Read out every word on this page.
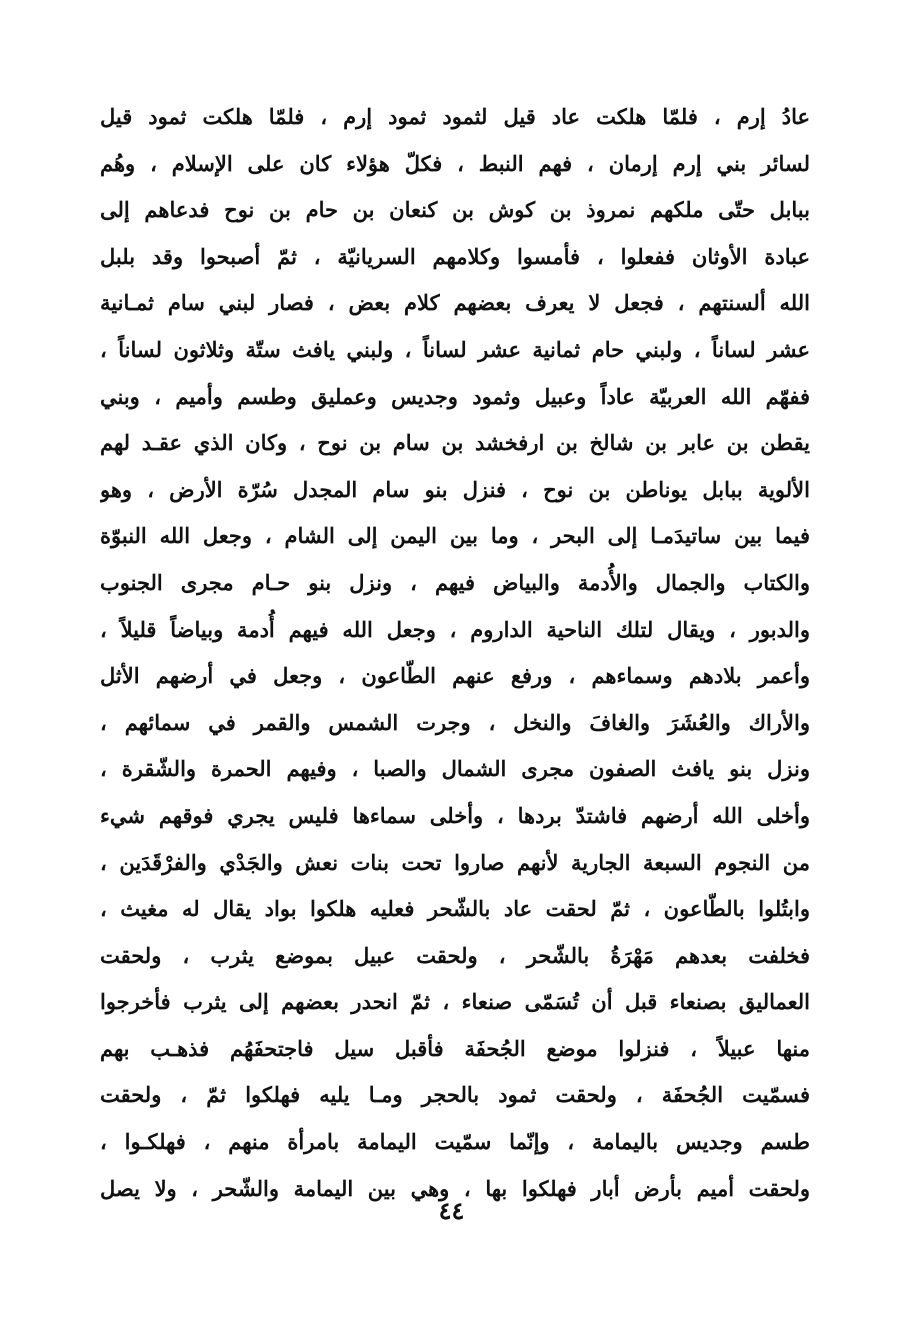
عادُ إرم ، فلمّا هلكت عاد قيل لثمود ثمود إرم ، فلمّا هلكت ثمود قيل
لسائر بني إرم إرمان ، فهم النبط ، فكلّ هؤلاء كان على الإسلام ، وهُم
ببابل حتّى ملكهم نمروذ بن كوش بن كنعان بن حام بن نوح فدعاهم إلى
عبادة الأوثان ففعلوا ، فأمسوا وكلامهم السريانيّة ، ثمّ أصبحوا وقد بلبل
الله ألسنتهم ، فجعل لا يعرف بعضهم كلام بعض ، فصار لبني سام ثمـانية
عشر لساناً ، ولبني حام ثمانية عشر لساناً ، ولبني يافث ستّة وثلاثون لساناً ،
ففهّم الله العربيّة عاداً وعبيل وثمود وجديس وعمليق وطسم وأميم ، وبني
يقطن بن عابر بن شالخ بن ارفخشد بن سام بن نوح ، وكان الذي عقـد لهم
الألوية ببابل يوناطن بن نوح ، فنزل بنو سام المجدل سُرّة الأرض ، وهو
فيما بين ساتيدَمـا إلى البحر ، وما بين اليمن إلى الشام ، وجعل الله النبوّة
والكتاب والجمال والأُدمة والبياض فيهم ، ونزل بنو حـام مجرى الجنوب
والدبور ، ويقال لتلك الناحية الداروم ، وجعل الله فيهم أُدمة وبياضاً قليلاً ،
وأعمر بلادهم وسماءهم ، ورفع عنهم الطّاعون ، وجعل في أرضهم الأثل
والأراك والعُشَرَ والغافَ والنخل ، وجرت الشمس والقمر في سمائهم ،
ونزل بنو يافث الصفون مجرى الشمال والصبا ، وفيهم الحمرة والشّقرة ،
وأخلى الله أرضهم فاشتدّ بردها ، وأخلى سماءها فليس يجري فوقهم شيء
من النجوم السبعة الجارية لأنهم صاروا تحت بنات نعش والجَدْي والفرْقَدَين ،
وابتُلوا بالطّاعون ، ثمّ لحقت عاد بالشّحر فعليه هلكوا بواد يقال له مغيث ،
فخلفت بعدهم مَهْرَةُ بالشّحر ، ولحقت عبيل بموضع يثرب ، ولحقت
العماليق بصنعاء قبل أن تُسَمّى صنعاء ، ثمّ انحدر بعضهم إلى يثرب فأخرجوا
منها عبيلاً ، فنزلوا موضع الجُحفَة فأقبل سيل فاجتحفَهُم فذهـب بهم
فسمّيت الجُحفَة ، ولحقت ثمود بالحجر ومـا يليه فهلكوا ثمّ ، ولحقت
طسم وجديس باليمامة ، وإنّما سمّيت اليمامة بامرأة منهم ، فهلكـوا ،
ولحقت أميم بأرض أبار فهلكوا بها ، وهي بين اليمامة والشّحر ، ولا يصل
٤٤
